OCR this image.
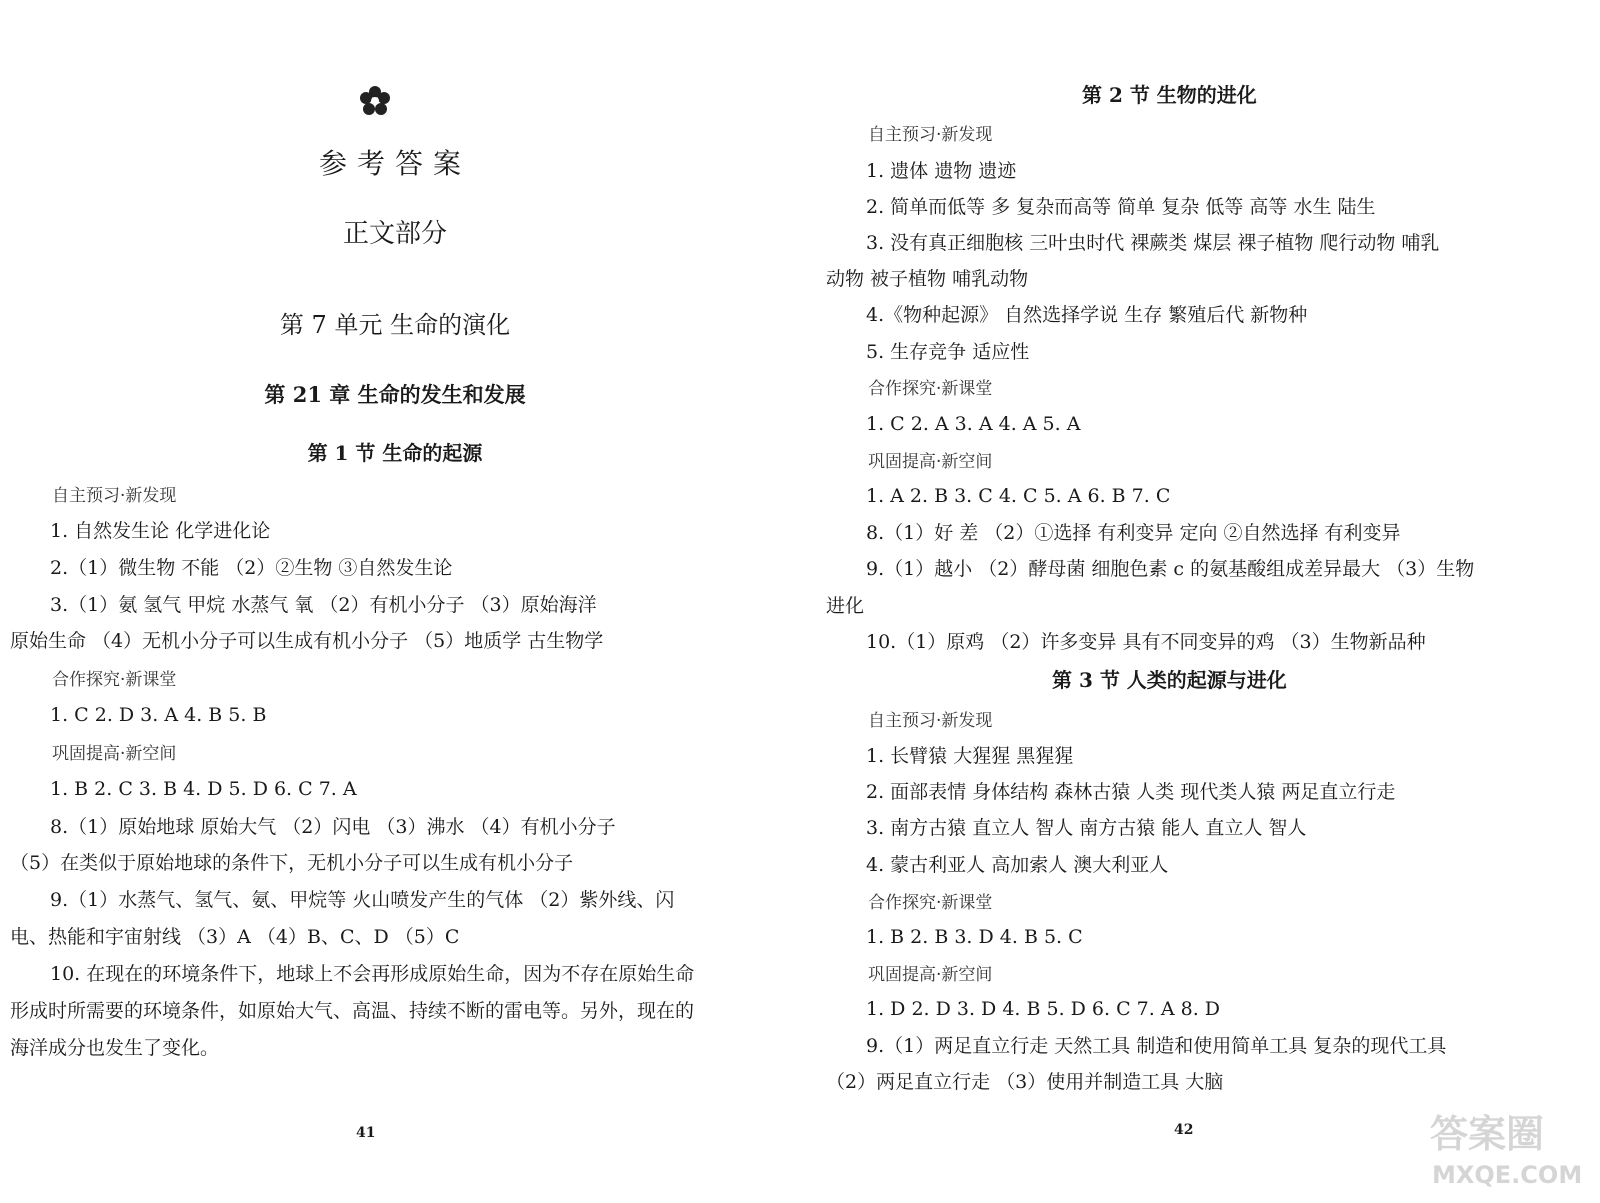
参考答案
正文部分
第 7 单元 生命的演化
第 21 章 生命的发生和发展
第 1 节 生命的起源
自主预习·新发现
1. 自然发生论 化学进化论
2.（1）微生物 不能 （2）②生物 ③自然发生论
3.（1）氨 氢气 甲烷 水蒸气 氧 （2）有机小分子 （3）原始海洋
原始生命 （4）无机小分子可以生成有机小分子 （5）地质学 古生物学
合作探究·新课堂
1. C 2. D 3. A 4. B 5. B
巩固提高·新空间
1. B 2. C 3. B 4. D 5. D 6. C 7. A
8.（1）原始地球 原始大气 （2）闪电 （3）沸水 （4）有机小分子
（5）在类似于原始地球的条件下，无机小分子可以生成有机小分子
9.（1）水蒸气、氢气、氨、甲烷等 火山喷发产生的气体 （2）紫外线、闪
电、热能和宇宙射线 （3）A （4）B、C、D （5）C
10. 在现在的环境条件下，地球上不会再形成原始生命，因为不存在原始生命
形成时所需要的环境条件，如原始大气、高温、持续不断的雷电等。另外，现在的
海洋成分也发生了变化。
41
第 2 节 生物的进化
自主预习·新发现
1. 遗体 遗物 遗迹
2. 简单而低等 多 复杂而高等 简单 复杂 低等 高等 水生 陆生
3. 没有真正细胞核 三叶虫时代 裸蕨类 煤层 裸子植物 爬行动物 哺乳
动物 被子植物 哺乳动物
4.《物种起源》 自然选择学说 生存 繁殖后代 新物种
5. 生存竞争 适应性
合作探究·新课堂
1. C 2. A 3. A 4. A 5. A
巩固提高·新空间
1. A 2. B 3. C 4. C 5. A 6. B 7. C
8.（1）好 差 （2）①选择 有利变异 定向 ②自然选择 有利变异
9.（1）越小 （2）酵母菌 细胞色素 c 的氨基酸组成差异最大 （3）生物
进化
10.（1）原鸡 （2）许多变异 具有不同变异的鸡 （3）生物新品种
第 3 节 人类的起源与进化
自主预习·新发现
1. 长臂猿 大猩猩 黑猩猩
2. 面部表情 身体结构 森林古猿 人类 现代类人猿 两足直立行走
3. 南方古猿 直立人 智人 南方古猿 能人 直立人 智人
4. 蒙古利亚人 高加索人 澳大利亚人
合作探究·新课堂
1. B 2. B 3. D 4. B 5. C
巩固提高·新空间
1. D 2. D 3. D 4. B 5. D 6. C 7. A 8. D
9.（1）两足直立行走 天然工具 制造和使用简单工具 复杂的现代工具
（2）两足直立行走 （3）使用并制造工具 大脑
42	答案圈
MXQE.COM
